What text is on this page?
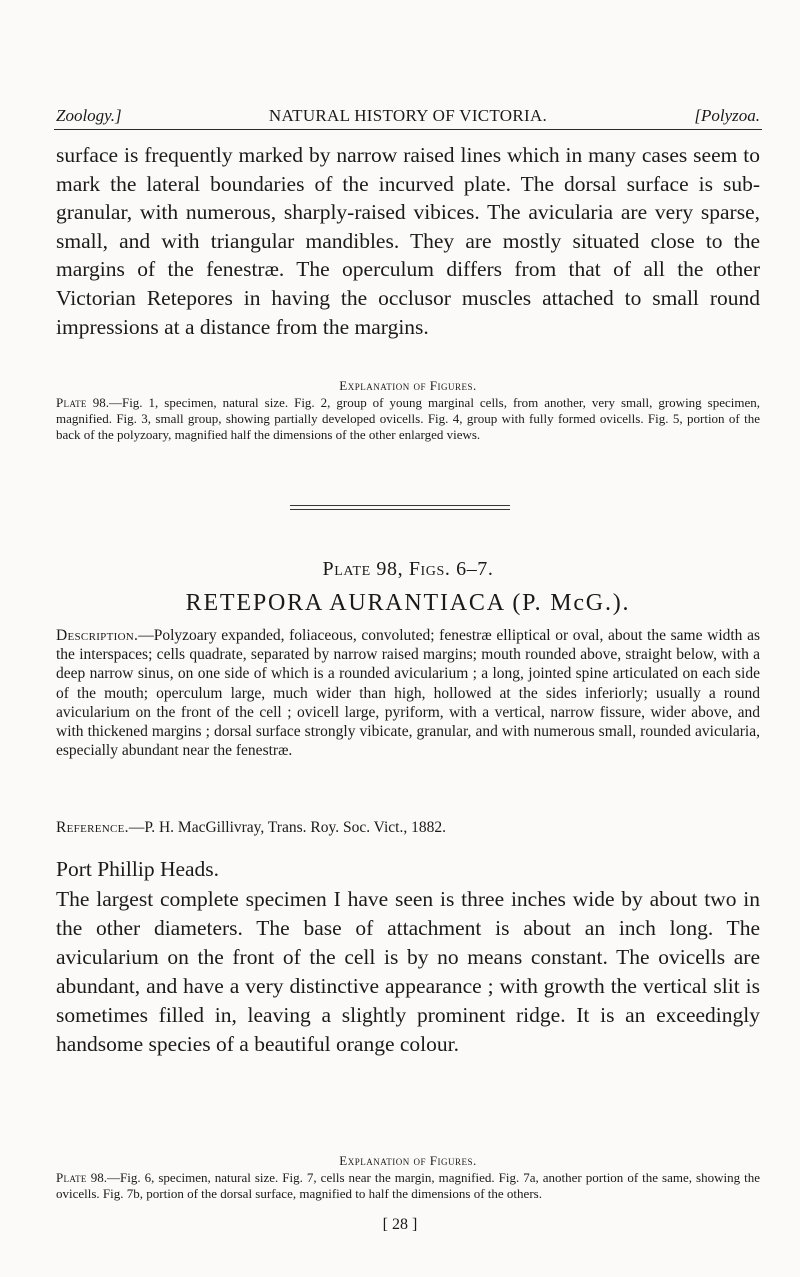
Zoology.]	NATURAL HISTORY OF VICTORIA.	[Polyzoa.

surface is frequently marked by narrow raised lines which in many cases seem to mark the lateral boundaries of the incurved plate. The dorsal surface is sub-granular, with numerous, sharply-raised vibices. The avicularia are very sparse, small, and with triangular mandibles. They are mostly situated close to the margins of the fenestræ. The operculum differs from that of all the other Victorian Retepores in having the occlusor muscles attached to small round impressions at a distance from the margins.

Explanation of Figures.

Plate 98.—Fig. 1, specimen, natural size. Fig. 2, group of young marginal cells, from another, very small, growing specimen, magnified. Fig. 3, small group, showing partially developed ovicells. Fig. 4, group with fully formed ovicells. Fig. 5, portion of the back of the polyzoary, magnified half the dimensions of the other enlarged views.

Plate 98, Figs. 6–7.
RETEPORA AURANTIACA (P. McG.).

Description.—Polyzoary expanded, foliaceous, convoluted; fenestræ elliptical or oval, about the same width as the interspaces; cells quadrate, separated by narrow raised margins; mouth rounded above, straight below, with a deep narrow sinus, on one side of which is a rounded avicularium ; a long, jointed spine articulated on each side of the mouth; operculum large, much wider than high, hollowed at the sides inferiorly; usually a round avicularium on the front of the cell ; ovicell large, pyriform, with a vertical, narrow fissure, wider above, and with thickened margins ; dorsal surface strongly vibicate, granular, and with numerous small, rounded avicularia, especially abundant near the fenestræ.

Reference.—P. H. MacGillivray, Trans. Roy. Soc. Vict., 1882.

Port Phillip Heads.

The largest complete specimen I have seen is three inches wide by about two in the other diameters. The base of attachment is about an inch long. The avicularium on the front of the cell is by no means constant. The ovicells are abundant, and have a very distinctive appearance ; with growth the vertical slit is sometimes filled in, leaving a slightly prominent ridge. It is an exceedingly handsome species of a beautiful orange colour.

Explanation of Figures.

Plate 98.—Fig. 6, specimen, natural size. Fig. 7, cells near the margin, magnified. Fig. 7a, another portion of the same, showing the ovicells. Fig. 7b, portion of the dorsal surface, magnified to half the dimensions of the others.

[ 28 ]
